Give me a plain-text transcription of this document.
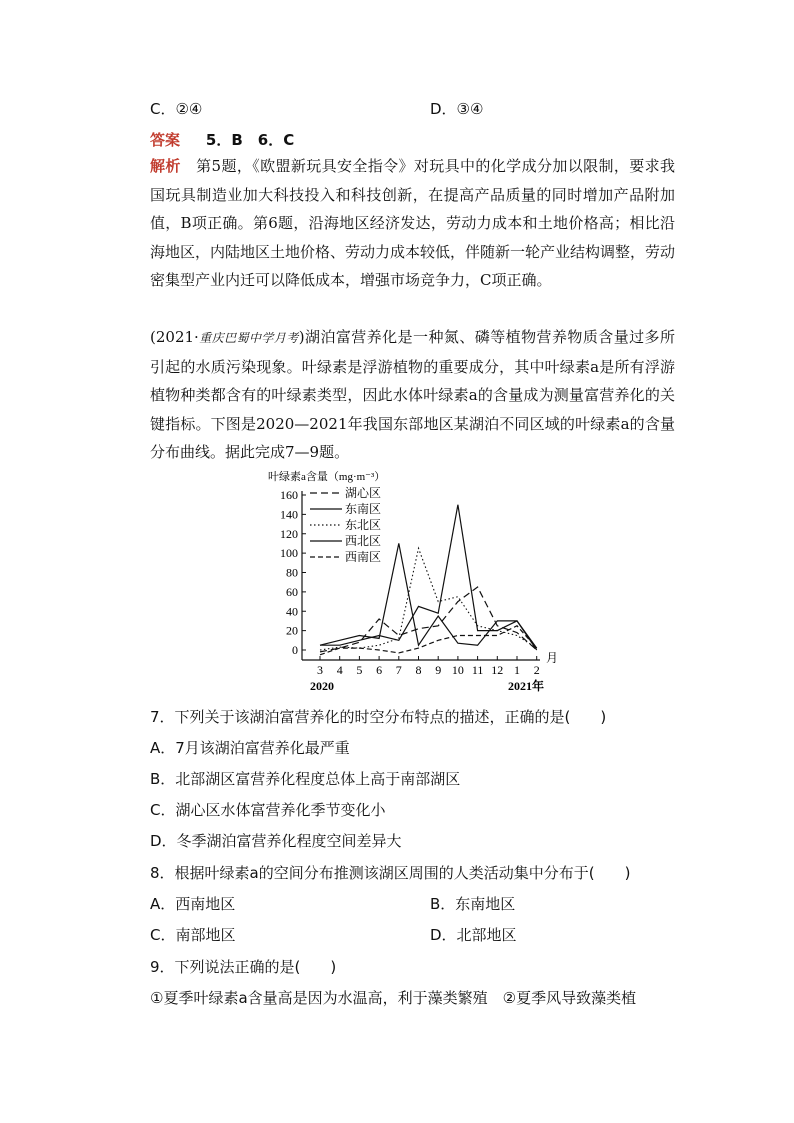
C．②④	D．③④
答案 5．B　6．C
解析　 第5题，《欧盟新玩具安全指令》对玩具中的化学成分加以限制，要求我国玩具制造业加大科技投入和科技创新，在提高产品质量的同时增加产品附加值，B项正确。第6题，沿海地区经济发达，劳动力成本和土地价格高；相比沿海地区，内陆地区土地价格、劳动力成本较低，伴随新一轮产业结构调整，劳动密集型产业内迁可以降低成本，增强市场竞争力，C项正确。
(2021·重庆巴蜀中学月考)湖泊富营养化是一种氮、磷等植物营养物质含量过多所引起的水质污染现象。叶绿素是浮游植物的重要成分，其中叶绿素a是所有浮游植物种类都含有的叶绿素类型，因此水体叶绿素a的含量成为测量富营养化的关键指标。下图是2020—2021年我国东部地区某湖泊不同区域的叶绿素a的含量分布曲线。据此完成7—9题。
叶绿素a含量（mg·m⁻³）
0
20
40
60
80
100
120
140
160
3 4 5 6 7 8 9 10 11 12 1 2
湖心区
东南区
东北区
西北区
西南区
月
2020	2021年
7．下列关于该湖泊富营养化的时空分布特点的描述，正确的是(　　)
A．7月该湖泊富营养化最严重
B．北部湖区富营养化程度总体上高于南部湖区
C．湖心区水体富营养化季节变化小
D．冬季湖泊富营养化程度空间差异大
8．根据叶绿素a的空间分布推测该湖区周围的人类活动集中分布于(　　)
A．西南地区	B．东南地区
C．南部地区	D．北部地区
9．下列说法正确的是(　　)
①夏季叶绿素a含量高是因为水温高，利于藻类繁殖　②夏季风导致藻类植
